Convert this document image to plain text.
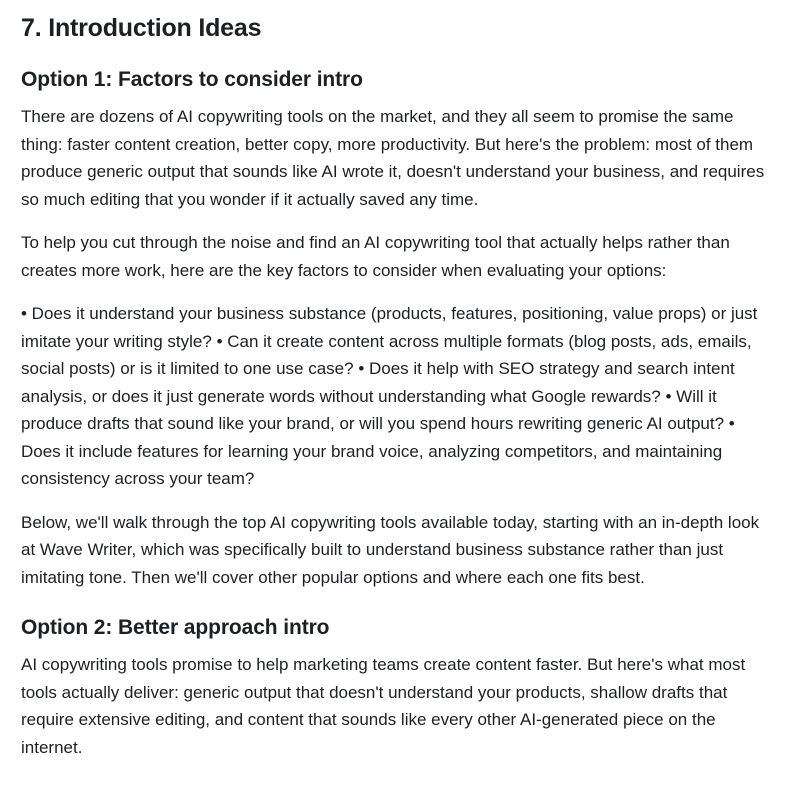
7. Introduction Ideas
Option 1: Factors to consider intro

There are dozens of AI copywriting tools on the market, and they all seem to promise the same thing: faster content creation, better copy, more productivity. But here's the problem: most of them produce generic output that sounds like AI wrote it, doesn't understand your business, and requires so much editing that you wonder if it actually saved any time.

To help you cut through the noise and find an AI copywriting tool that actually helps rather than creates more work, here are the key factors to consider when evaluating your options:

• Does it understand your business substance (products, features, positioning, value props) or just imitate your writing style? • Can it create content across multiple formats (blog posts, ads, emails, social posts) or is it limited to one use case? • Does it help with SEO strategy and search intent analysis, or does it just generate words without understanding what Google rewards? • Will it produce drafts that sound like your brand, or will you spend hours rewriting generic AI output? • Does it include features for learning your brand voice, analyzing competitors, and maintaining consistency across your team?

Below, we'll walk through the top AI copywriting tools available today, starting with an in-depth look at Wave Writer, which was specifically built to understand business substance rather than just imitating tone. Then we'll cover other popular options and where each one fits best.

Option 2: Better approach intro

AI copywriting tools promise to help marketing teams create content faster. But here's what most tools actually deliver: generic output that doesn't understand your products, shallow drafts that require extensive editing, and content that sounds like every other AI-generated piece on the internet.
